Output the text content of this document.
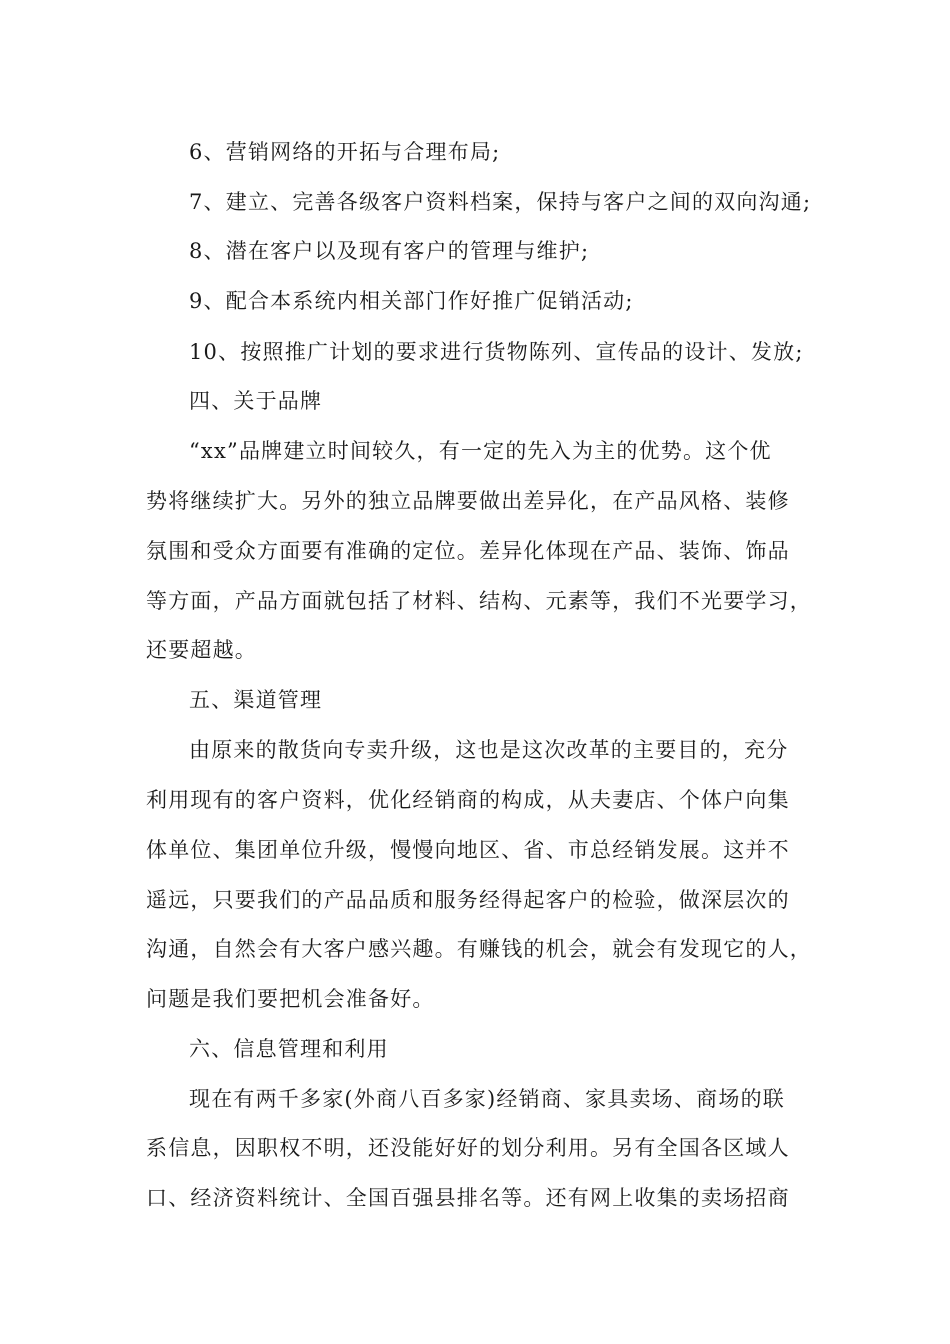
6、营销网络的开拓与合理布局;
7、建立、完善各级客户资料档案，保持与客户之间的双向沟通;
8、潜在客户以及现有客户的管理与维护;
9、配合本系统内相关部门作好推广促销活动;
10、按照推广计划的要求进行货物陈列、宣传品的设计、发放;
四、关于品牌
“xx”品牌建立时间较久，有一定的先入为主的优势。这个优
势将继续扩大。另外的独立品牌要做出差异化，在产品风格、装修
氛围和受众方面要有准确的定位。差异化体现在产品、装饰、饰品
等方面，产品方面就包括了材料、结构、元素等，我们不光要学习，
还要超越。
五、渠道管理
由原来的散货向专卖升级，这也是这次改革的主要目的，充分
利用现有的客户资料，优化经销商的构成，从夫妻店、个体户向集
体单位、集团单位升级，慢慢向地区、省、市总经销发展。这并不
遥远，只要我们的产品品质和服务经得起客户的检验，做深层次的
沟通，自然会有大客户感兴趣。有赚钱的机会，就会有发现它的人，
问题是我们要把机会准备好。
六、信息管理和利用
现在有两千多家(外商八百多家)经销商、家具卖场、商场的联
系信息，因职权不明，还没能好好的划分利用。另有全国各区域人
口、经济资料统计、全国百强县排名等。还有网上收集的卖场招商
